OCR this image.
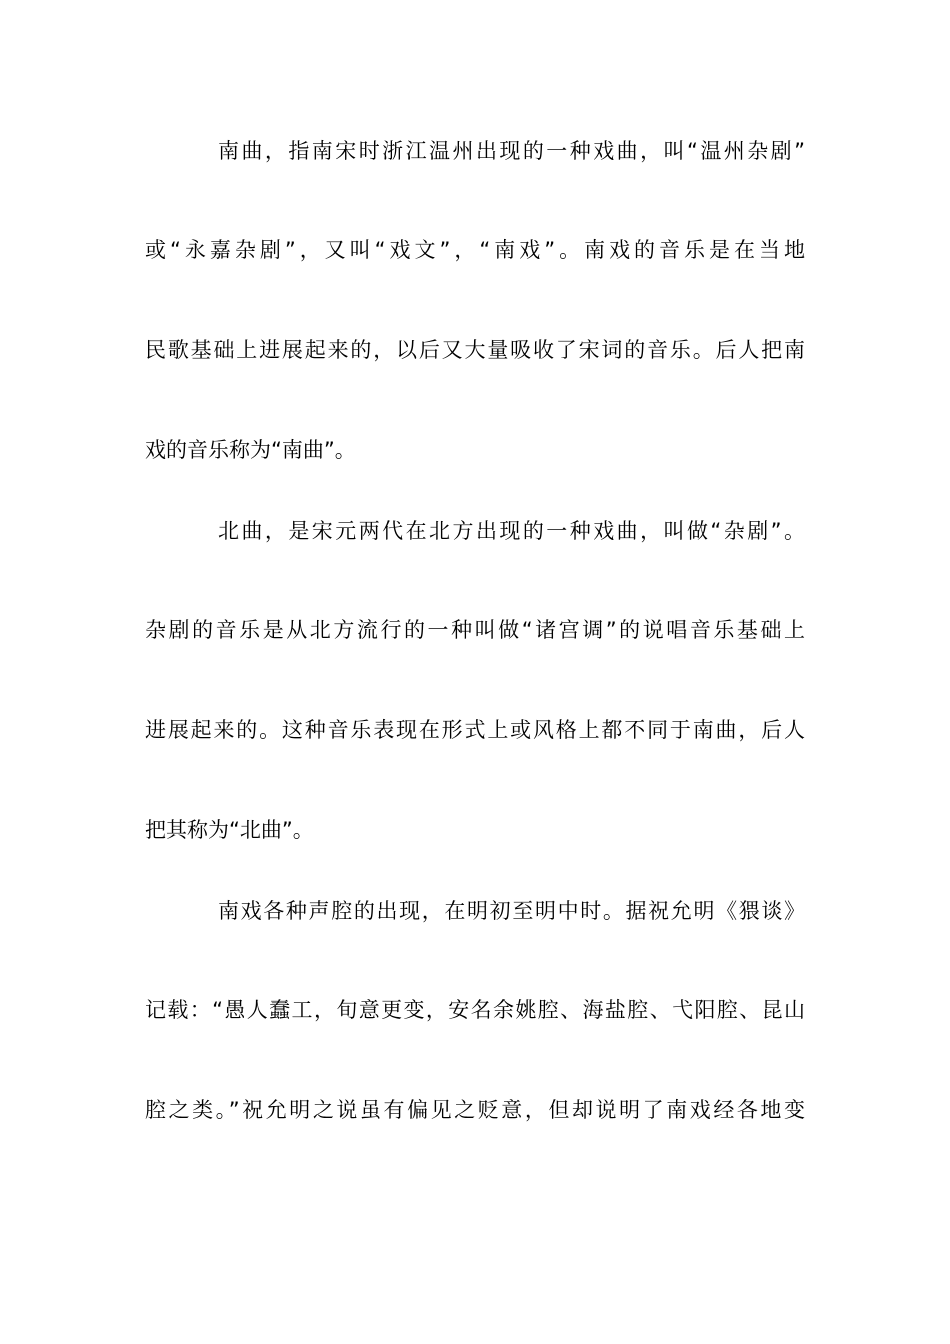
南曲，指南宋时浙江温州出现的一种戏曲，叫“温州杂剧”
或“永嘉杂剧”，又叫“戏文”，“南戏”。南戏的音乐是在当地
民歌基础上进展起来的，以后又大量吸收了宋词的音乐。后人把南
戏的音乐称为“南曲”。
北曲，是宋元两代在北方出现的一种戏曲，叫做“杂剧”。
杂剧的音乐是从北方流行的一种叫做“诸宫调”的说唱音乐基础上
进展起来的。这种音乐表现在形式上或风格上都不同于南曲，后人
把其称为“北曲”。
南戏各种声腔的出现，在明初至明中时。据祝允明《猥谈》
记载：“愚人蠢工，旬意更变，安名余姚腔、海盐腔、弋阳腔、昆山
腔之类。”祝允明之说虽有偏见之贬意，但却说明了南戏经各地变
